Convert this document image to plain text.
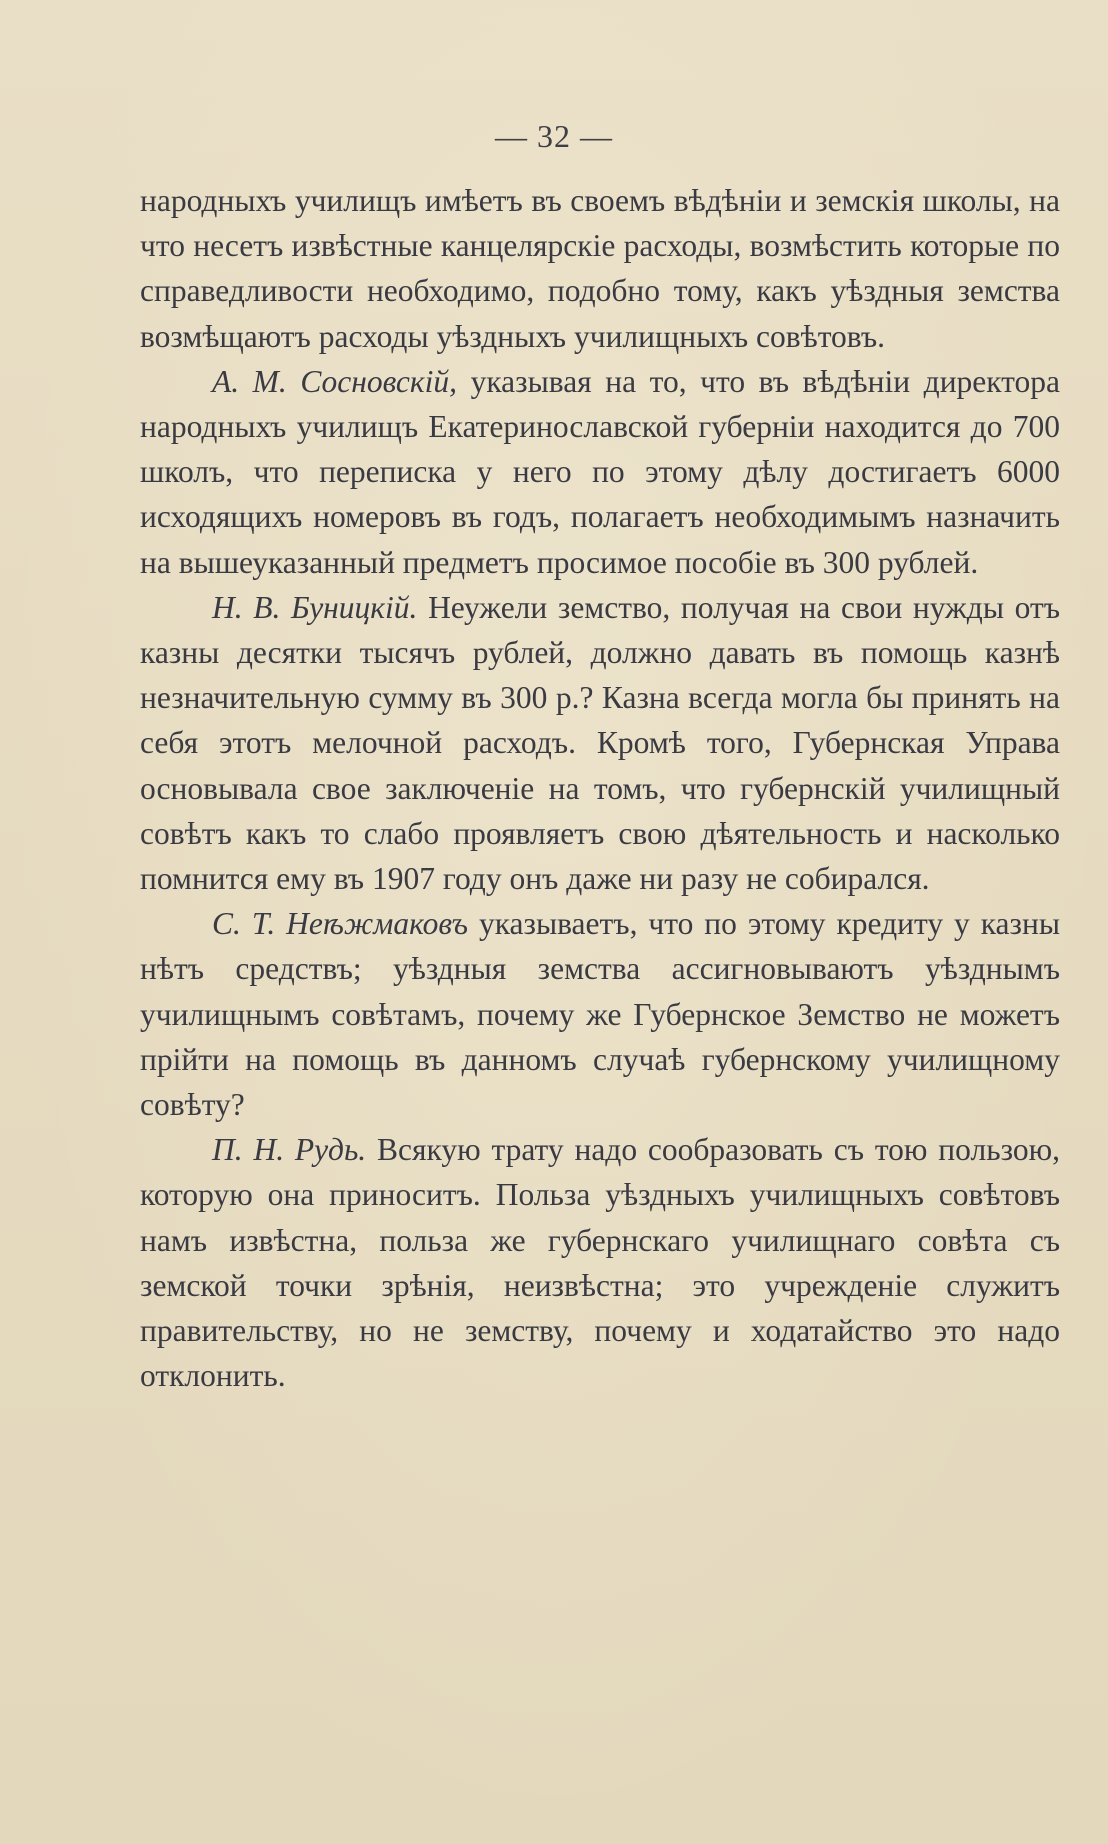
— 32 —

народныхъ училищъ имѣетъ въ своемъ вѣдѣніи и земскія школы, на что несетъ извѣстные канцелярскіе расходы, возмѣстить которые по справедливости необходимо, подобно тому, какъ уѣздныя земства возмѣщаютъ расходы уѣздныхъ училищныхъ совѣтовъ.

А. М. Сосновскій, указывая на то, что въ вѣдѣніи директора народныхъ училищъ Екатеринославской губерніи находится до 700 школъ, что переписка у него по этому дѣлу достигаетъ 6000 исходящихъ номеровъ въ годъ, полагаетъ необходимымъ назначить на вышеуказанный предметъ просимое пособіе въ 300 рублей.

Н. В. Буницкій. Неужели земство, получая на свои нужды отъ казны десятки тысячъ рублей, должно давать въ помощь казнѣ незначительную сумму въ 300 р.? Казна всегда могла бы принять на себя этотъ мелочной расходъ. Кромѣ того, Губернская Управа основывала свое заключеніе на томъ, что губернскій училищный совѣтъ какъ то слабо проявляетъ свою дѣятельность и насколько помнится ему въ 1907 году онъ даже ни разу не собирался.

С. Т. Неѣжмаковъ указываетъ, что по этому кредиту у казны нѣтъ средствъ; уѣздныя земства ассигновываютъ уѣзднымъ училищнымъ совѣтамъ, почему же Губернское Земство не можетъ прійти на помощь въ данномъ случаѣ губернскому училищному совѣту?

П. Н. Рудь. Всякую трату надо сообразовать съ тою пользою, которую она приноситъ. Польза уѣздныхъ училищныхъ совѣтовъ намъ извѣстна, польза же губернскаго училищнаго совѣта съ земской точки зрѣнія, неизвѣстна; это учрежденіе служитъ правительству, но не земству, почему и ходатайство это надо отклонить.
